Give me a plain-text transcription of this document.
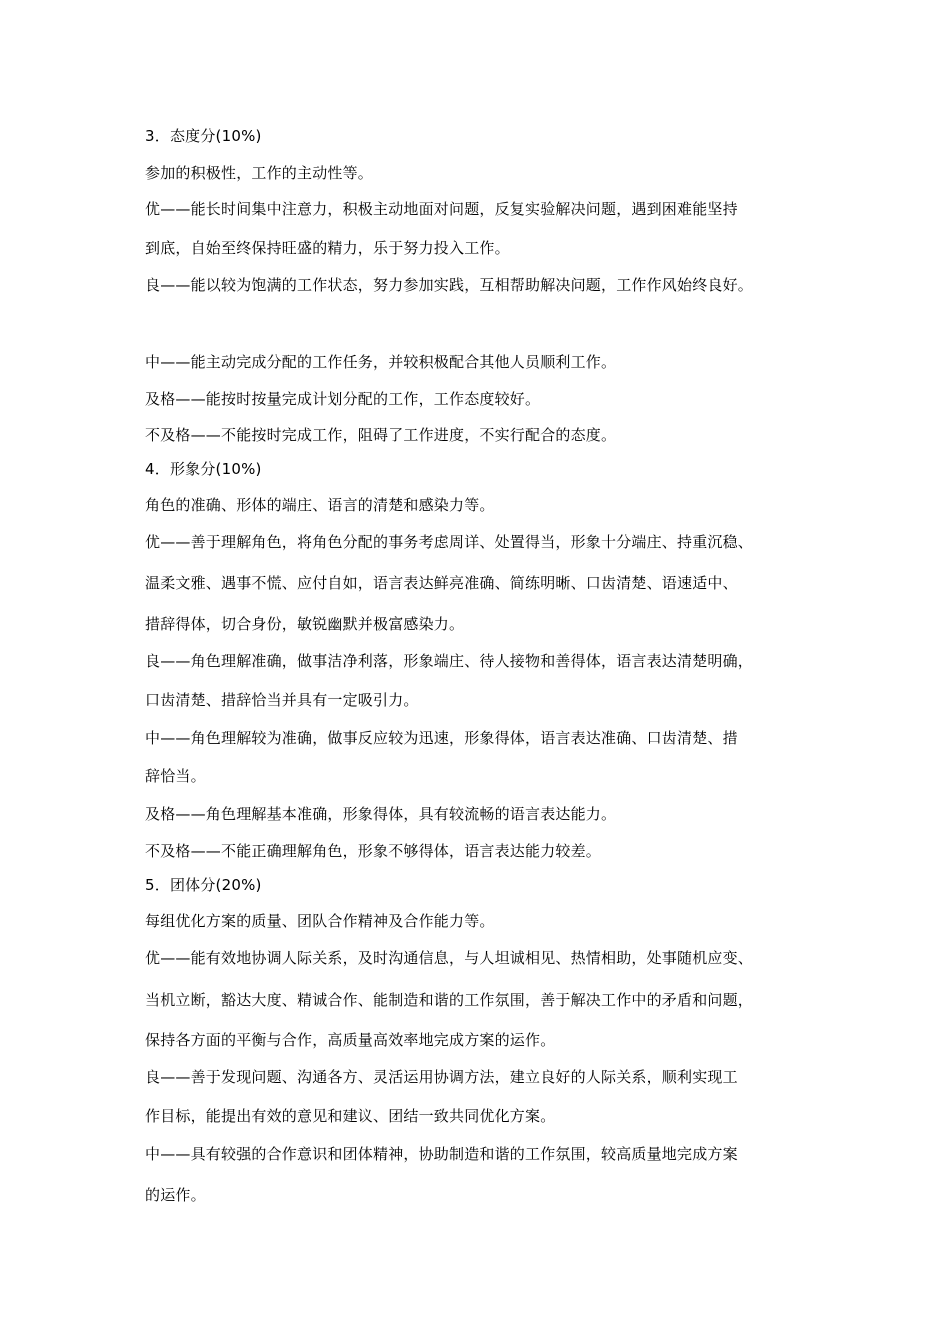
3．态度分(10%)
参加的积极性，工作的主动性等。
优——能长时间集中注意力，积极主动地面对问题，反复实验解决问题，遇到困难能坚持
到底，自始至终保持旺盛的精力，乐于努力投入工作。
良——能以较为饱满的工作状态，努力参加实践，互相帮助解决问题，工作作风始终良好。
中——能主动完成分配的工作任务，并较积极配合其他人员顺利工作。
及格——能按时按量完成计划分配的工作，工作态度较好。
不及格——不能按时完成工作，阻碍了工作进度，不实行配合的态度。
4．形象分(10%)
角色的准确、形体的端庄、语言的清楚和感染力等。
优——善于理解角色，将角色分配的事务考虑周详、处置得当，形象十分端庄、持重沉稳、
温柔文雅、遇事不慌、应付自如，语言表达鲜亮准确、简练明晰、口齿清楚、语速适中、
措辞得体，切合身份，敏锐幽默并极富感染力。
良——角色理解准确，做事洁净利落，形象端庄、待人接物和善得体，语言表达清楚明确，
口齿清楚、措辞恰当并具有一定吸引力。
中——角色理解较为准确，做事反应较为迅速，形象得体，语言表达准确、口齿清楚、措
辞恰当。
及格——角色理解基本准确，形象得体，具有较流畅的语言表达能力。
不及格——不能正确理解角色，形象不够得体，语言表达能力较差。
5．团体分(20%)
每组优化方案的质量、团队合作精神及合作能力等。
优——能有效地协调人际关系，及时沟通信息，与人坦诚相见、热情相助，处事随机应变、
当机立断，豁达大度、精诚合作、能制造和谐的工作氛围，善于解决工作中的矛盾和问题，
保持各方面的平衡与合作，高质量高效率地完成方案的运作。
良——善于发现问题、沟通各方、灵活运用协调方法，建立良好的人际关系，顺利实现工
作目标，能提出有效的意见和建议、团结一致共同优化方案。
中——具有较强的合作意识和团体精神，协助制造和谐的工作氛围，较高质量地完成方案
的运作。
